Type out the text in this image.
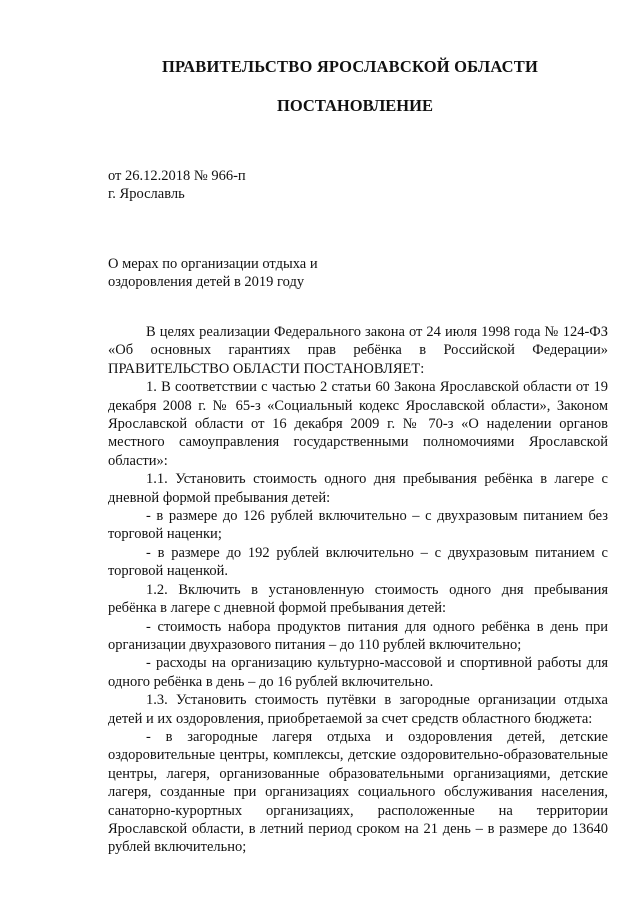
ПРАВИТЕЛЬСТВО ЯРОСЛАВСКОЙ ОБЛАСТИ
ПОСТАНОВЛЕНИЕ
от 26.12.2018 № 966-п
г. Ярославль
О мерах по организации отдыха и
оздоровления детей в 2019 году

В целях реализации Федерального закона от 24 июля 1998 года № 124-ФЗ «Об основных гарантиях прав ребёнка в Российской Федерации»

ПРАВИТЕЛЬСТВО ОБЛАСТИ ПОСТАНОВЛЯЕТ:

1. В соответствии с частью 2 статьи 60 Закона Ярославской области от 19 декабря 2008 г. № 65-з «Социальный кодекс Ярославской области», Законом Ярославской области от 16 декабря 2009 г. № 70-з «О наделении органов местного самоуправления государственными полномочиями Ярославской области»:

1.1. Установить стоимость одного дня пребывания ребёнка в лагере с дневной формой пребывания детей:

- в размере до 126 рублей включительно – с двухразовым питанием без торговой наценки;

- в размере до 192 рублей включительно – с двухразовым питанием с торговой наценкой.

1.2. Включить в установленную стоимость одного дня пребывания ребёнка в лагере с дневной формой пребывания детей:

- стоимость набора продуктов питания для одного ребёнка в день при организации двухразового питания – до 110 рублей включительно;

- расходы на организацию культурно-массовой и спортивной работы для одного ребёнка в день – до 16 рублей включительно.

1.3. Установить стоимость путёвки в загородные организации отдыха детей и их оздоровления, приобретаемой за счет средств областного бюджета:

- в загородные лагеря отдыха и оздоровления детей, детские оздоровительные центры, комплексы, детские оздоровительно-образовательные центры, лагеря, организованные образовательными организациями, детские лагеря, созданные при организациях социального обслуживания населения, санаторно-курортных организациях, расположенные на территории Ярославской области, в летний период сроком на 21 день – в размере до 13640 рублей включительно;
